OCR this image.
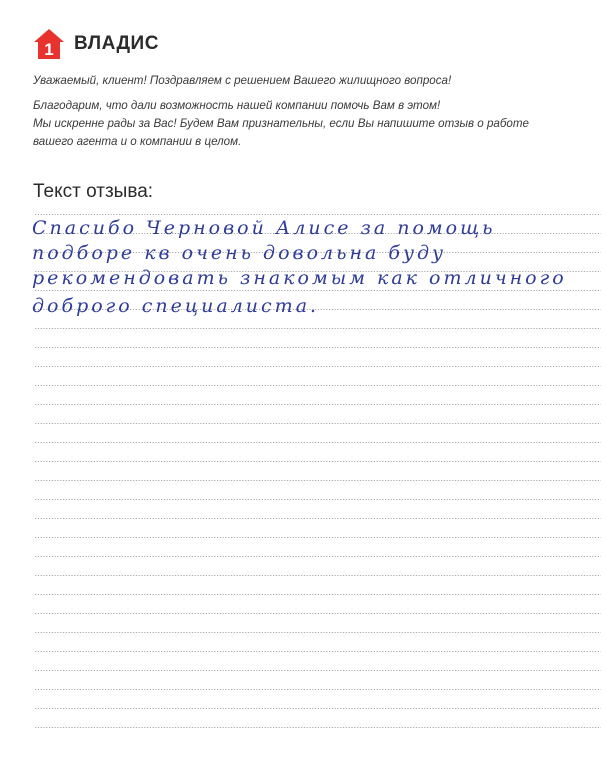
1 ВЛАДИС

Уважаемый, клиент! Поздравляем с решением Вашего жилищного вопроса!

Благодарим, что дали возможность нашей компании помочь Вам в этом!

Мы искренне рады за Вас! Будем Вам признательны, если Вы напишите отзыв о работе

вашего агента и о компании в целом.

Текст отзыва:
Спасибо Черновой Алисе за помощь
подборе кв очень довольна буду
рекомендовать знакомым как отличного
доброго специалиста.
